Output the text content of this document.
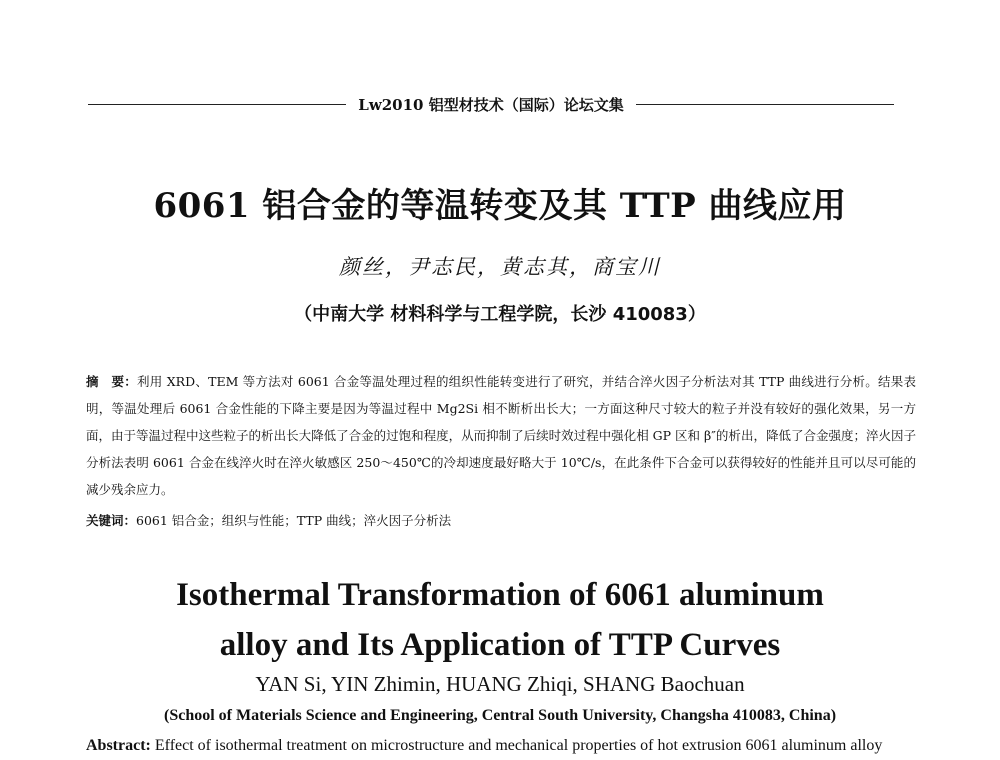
Lw2010 铝型材技术（国际）论坛文集
6061 铝合金的等温转变及其 TTP 曲线应用
颜丝，尹志民，黄志其，商宝川
（中南大学 材料科学与工程学院，长沙 410083）
摘　要：利用 XRD、TEM 等方法对 6061 合金等温处理过程的组织性能转变进行了研究，并结合淬火因子分析法对其 TTP 曲线进行分析。结果表明，等温处理后 6061 合金性能的下降主要是因为等温过程中 Mg2Si 相不断析出长大；一方面这种尺寸较大的粒子并没有较好的强化效果，另一方面，由于等温过程中这些粒子的析出长大降低了合金的过饱和程度，从而抑制了后续时效过程中强化相 GP 区和 β″的析出，降低了合金强度；淬火因子分析法表明 6061 合金在线淬火时在淬火敏感区 250～450℃的冷却速度最好略大于 10℃/s，在此条件下合金可以获得较好的性能并且可以尽可能的减少残余应力。
关键词：6061 铝合金；组织与性能；TTP 曲线；淬火因子分析法
Isothermal Transformation of 6061 aluminum
alloy and Its Application of TTP Curves
YAN Si, YIN Zhimin, HUANG Zhiqi, SHANG Baochuan
(School of Materials Science and Engineering, Central South University, Changsha 410083, China)
Abstract: Effect of isothermal treatment on microstructure and mechanical properties of hot extrusion 6061 aluminum alloy
